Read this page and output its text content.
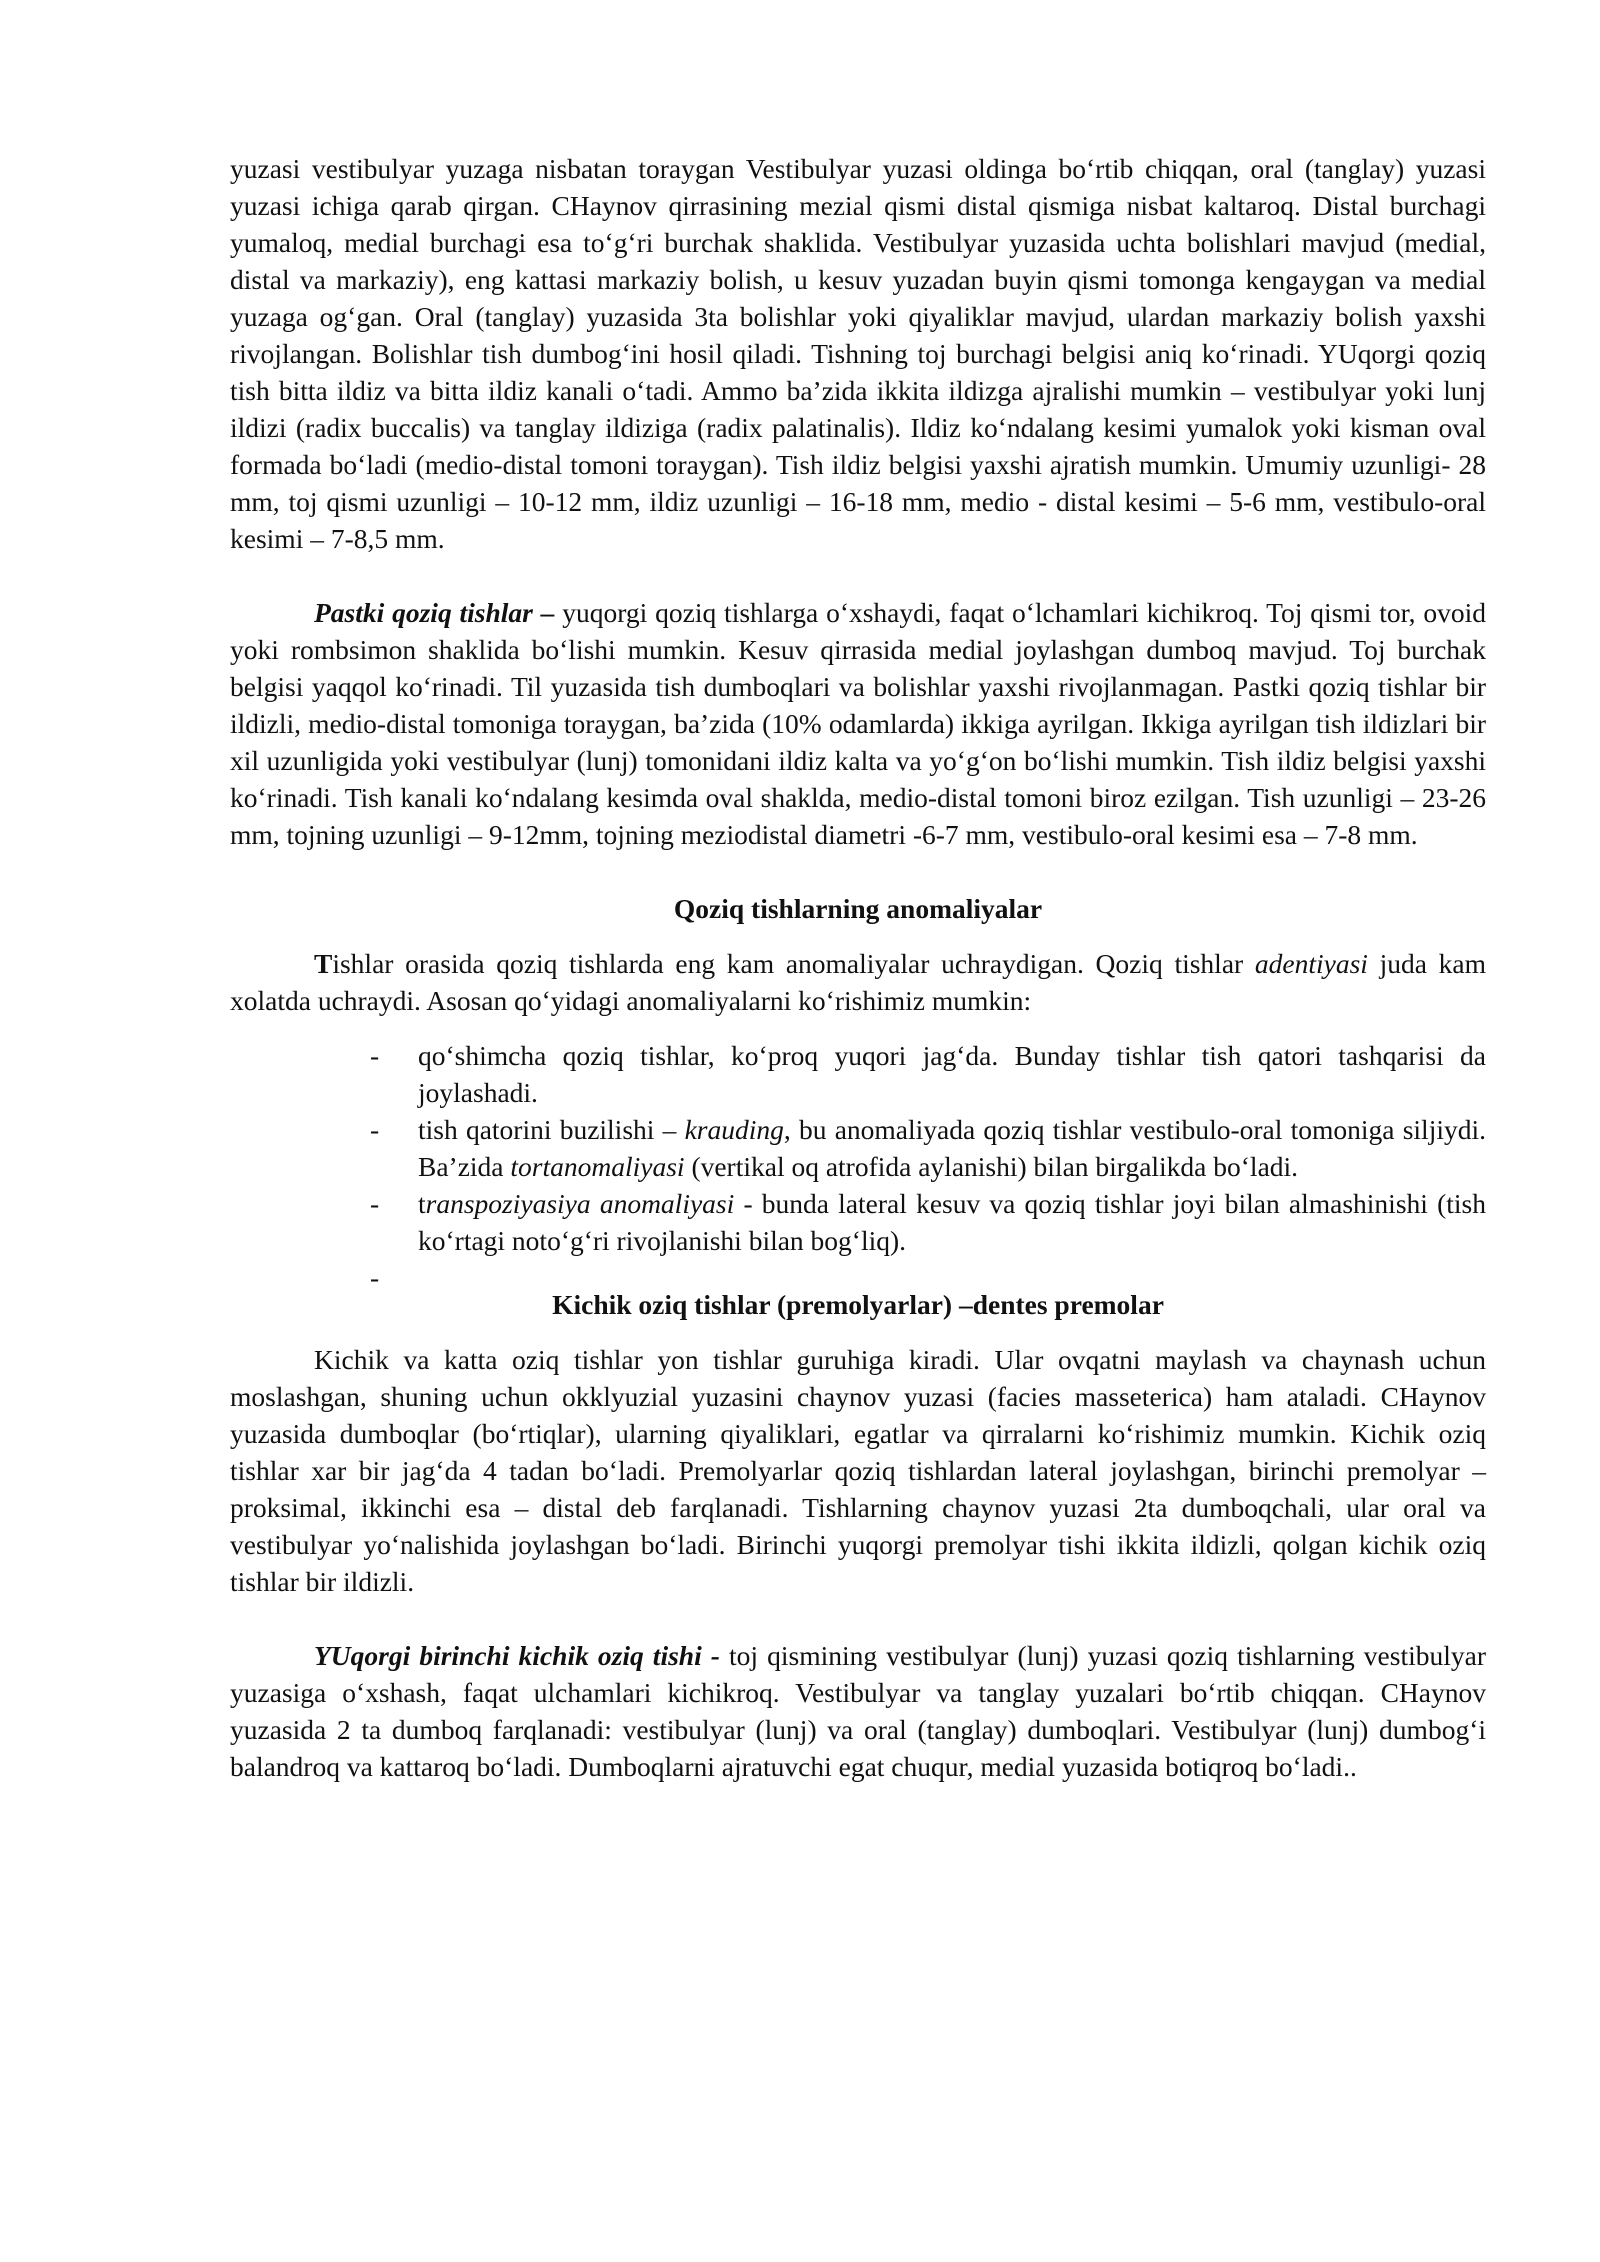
yuzasi vestibulyar yuzaga nisbatan toraygan Vestibulyar yuzasi oldinga bo‘rtib chiqqan, oral (tanglay) yuzasi yuzasi ichiga qarab qirgan. CHaynov qirrasining mezial qismi distal qismiga nisbat kaltaroq. Distal burchagi yumaloq, medial burchagi esa to‘g‘ri burchak shaklida. Vestibulyar yuzasida uchta bolishlari mavjud (medial, distal va markaziy), eng kattasi markaziy bolish, u kesuv yuzadan buyin qismi tomonga kengaygan va medial yuzaga og‘gan. Oral (tanglay) yuzasida 3ta bolishlar yoki qiyaliklar mavjud, ulardan markaziy bolish yaxshi rivojlangan. Bolishlar tish dumbog‘ini hosil qiladi. Tishning toj burchagi belgisi aniq ko‘rinadi. YUqorgi qoziq tish bitta ildiz va bitta ildiz kanali o‘tadi. Ammo ba’zida ikkita ildizga ajralishi mumkin – vestibulyar yoki lunj ildizi (radix buccalis) va tanglay ildiziga (radix palatinalis). Ildiz ko‘ndalang kesimi yumalok yoki kisman oval formada bo‘ladi (medio-distal tomoni toraygan). Tish ildiz belgisi yaxshi ajratish mumkin. Umumiy uzunligi- 28 mm, toj qismi uzunligi – 10-12 mm, ildiz uzunligi – 16-18 mm, medio - distal kesimi – 5-6 mm, vestibulo-oral kesimi – 7-8,5 mm.

Pastki qoziq tishlar – yuqorgi qoziq tishlarga o‘xshaydi, faqat o‘lchamlari kichikroq. Toj qismi tor, ovoid yoki rombsimon shaklida bo‘lishi mumkin. Kesuv qirrasida medial joylashgan dumboq mavjud. Toj burchak belgisi yaqqol ko‘rinadi. Til yuzasida tish dumboqlari va bolishlar yaxshi rivojlanmagan. Pastki qoziq tishlar bir ildizli, medio-distal tomoniga toraygan, ba’zida (10% odamlarda) ikkiga ayrilgan. Ikkiga ayrilgan tish ildizlari bir xil uzunligida yoki vestibulyar (lunj) tomonidani ildiz kalta va yo‘g‘on bo‘lishi mumkin. Tish ildiz belgisi yaxshi ko‘rinadi. Tish kanali ko‘ndalang kesimda oval shaklda, medio-distal tomoni biroz ezilgan. Tish uzunligi – 23-26 mm, tojning uzunligi – 9-12mm, tojning meziodistal diametri -6-7 mm, vestibulo-oral kesimi esa – 7-8 mm.

Qoziq tishlarning anomaliyalar

Tishlar orasida qoziq tishlarda eng kam anomaliyalar uchraydigan. Qoziq tishlar adentiyasi juda kam xolatda uchraydi. Asosan qo‘yidagi anomaliyalarni ko‘rishimiz mumkin:

- qo‘shimcha qoziq tishlar, ko‘proq yuqori jag‘da. Bunday tishlar tish qatori tashqarisi da joylashadi.
- tish qatorini buzilishi – krauding, bu anomaliyada qoziq tishlar vestibulo-oral tomoniga siljiydi. Ba’zida tortanomaliyasi (vertikal oq atrofida aylanishi) bilan birgalikda bo‘ladi.
- transpoziyasiya anomaliyasi - bunda lateral kesuv va qoziq tishlar joyi bilan almashinishi (tish ko‘rtagi noto‘g‘ri rivojlanishi bilan bog‘liq).
-

Kichik oziq tishlar (premolyarlar) –dentes premolar

Kichik va katta oziq tishlar yon tishlar guruhiga kiradi. Ular ovqatni maylash va chaynash uchun moslashgan, shuning uchun okklyuzial yuzasini chaynov yuzasi (facies masseterica) ham ataladi. CHaynov yuzasida dumboqlar (bo‘rtiqlar), ularning qiyaliklari, egatlar va qirralarni ko‘rishimiz mumkin. Kichik oziq tishlar xar bir jag‘da 4 tadan bo‘ladi. Premolyarlar qoziq tishlardan lateral joylashgan, birinchi premolyar – proksimal, ikkinchi esa – distal deb farqlanadi. Tishlarning chaynov yuzasi 2ta dumboqchali, ular oral va vestibulyar yo‘nalishida joylashgan bo‘ladi. Birinchi yuqorgi premolyar tishi ikkita ildizli, qolgan kichik oziq tishlar bir ildizli.

YUqorgi birinchi kichik oziq tishi - toj qismining vestibulyar (lunj) yuzasi qoziq tishlarning vestibulyar yuzasiga o‘xshash, faqat ulchamlari kichikroq. Vestibulyar va tanglay yuzalari bo‘rtib chiqqan. CHaynov yuzasida 2 ta dumboq farqlanadi: vestibulyar (lunj) va oral (tanglay) dumboqlari. Vestibulyar (lunj) dumbog‘i balandroq va kattaroq bo‘ladi. Dumboqlarni ajratuvchi egat chuqur, medial yuzasida botiqroq bo‘ladi..
